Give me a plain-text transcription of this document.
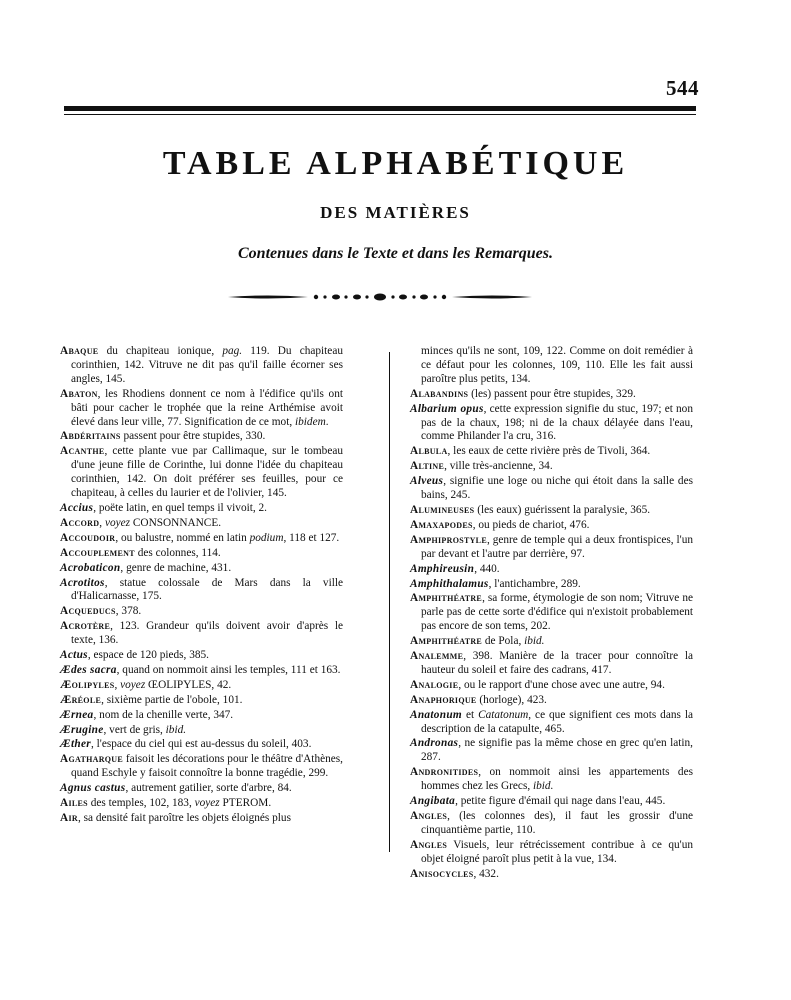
544
TABLE ALPHABÉTIQUE
DES MATIÈRES
Contenues dans le Texte et dans les Remarques.

Abaque du chapiteau ionique, pag. 119. Du chapiteau corinthien, 142. Vitruve ne dit pas qu'il faille écorner ses angles, 145.

Abaton, les Rhodiens donnent ce nom à l'édifice qu'ils ont bâti pour cacher le trophée que la reine Arthémise avoit élevé dans leur ville, 77. Signification de ce mot, ibidem.

Abdéritains passent pour être stupides, 330.

Acanthe, cette plante vue par Callimaque, sur le tombeau d'une jeune fille de Corinthe, lui donne l'idée du chapiteau corinthien, 142. On doit préférer ses feuilles, pour ce chapiteau, à celles du laurier et de l'olivier, 145.

Accius, poëte latin, en quel temps il vivoit, 2.

Accord, voyez CONSONNANCE.

Accoudoir, ou balustre, nommé en latin podium, 118 et 127.

Accouplement des colonnes, 114.

Acrobaticon, genre de machine, 431.

Acrotitos, statue colossale de Mars dans la ville d'Halicarnasse, 175.

Acqueducs, 378.

Acrotère, 123. Grandeur qu'ils doivent avoir d'après le texte, 136.

Actus, espace de 120 pieds, 385.

Ædes sacra, quand on nommoit ainsi les temples, 111 et 163.

Æolipyles, voyez ŒOLIPYLES, 42.

Æréole, sixième partie de l'obole, 101.

Ærnea, nom de la chenille verte, 347.

Ærugine, vert de gris, ibid.

Æther, l'espace du ciel qui est au-dessus du soleil, 403.

Agatharque faisoit les décorations pour le théâtre d'Athènes, quand Eschyle y faisoit connoître la bonne tragédie, 299.

Agnus castus, autrement gatilier, sorte d'arbre, 84.

Ailes des temples, 102, 183, voyez PTEROM.

Air, sa densité fait paroître les objets éloignés plus

minces qu'ils ne sont, 109, 122. Comme on doit remédier à ce défaut pour les colonnes, 109, 110. Elle les fait aussi paroître plus petits, 134.

Alabandins (les) passent pour être stupides, 329.

Albarium opus, cette expression signifie du stuc, 197; et non pas de la chaux, 198; ni de la chaux délayée dans l'eau, comme Philander l'a cru, 316.

Albula, les eaux de cette rivière près de Tivoli, 364.

Altine, ville très-ancienne, 34.

Alveus, signifie une loge ou niche qui étoit dans la salle des bains, 245.

Alumineuses (les eaux) guérissent la paralysie, 365.

Amaxapodes, ou pieds de chariot, 476.

Amphiprostyle, genre de temple qui a deux frontispices, l'un par devant et l'autre par derrière, 97.

Amphireusin, 440.

Amphithalamus, l'antichambre, 289.

Amphithéatre, sa forme, étymologie de son nom; Vitruve ne parle pas de cette sorte d'édifice qui n'existoit probablement pas encore de son tems, 202.

Amphithéatre de Pola, ibid.

Analemme, 398. Manière de la tracer pour connoître la hauteur du soleil et faire des cadrans, 417.

Analogie, ou le rapport d'une chose avec une autre, 94.

Anaphorique (horloge), 423.

Anatonum et Catatonum, ce que signifient ces mots dans la description de la catapulte, 465.

Andronas, ne signifie pas la même chose en grec qu'en latin, 287.

Andronitides, on nommoit ainsi les appartements des hommes chez les Grecs, ibid.

Angibata, petite figure d'émail qui nage dans l'eau, 445.

Angles, (les colonnes des), il faut les grossir d'une cinquantième partie, 110.

Angles Visuels, leur rétrécissement contribue à ce qu'un objet éloigné paroît plus petit à la vue, 134.

Anisocycles, 432.
